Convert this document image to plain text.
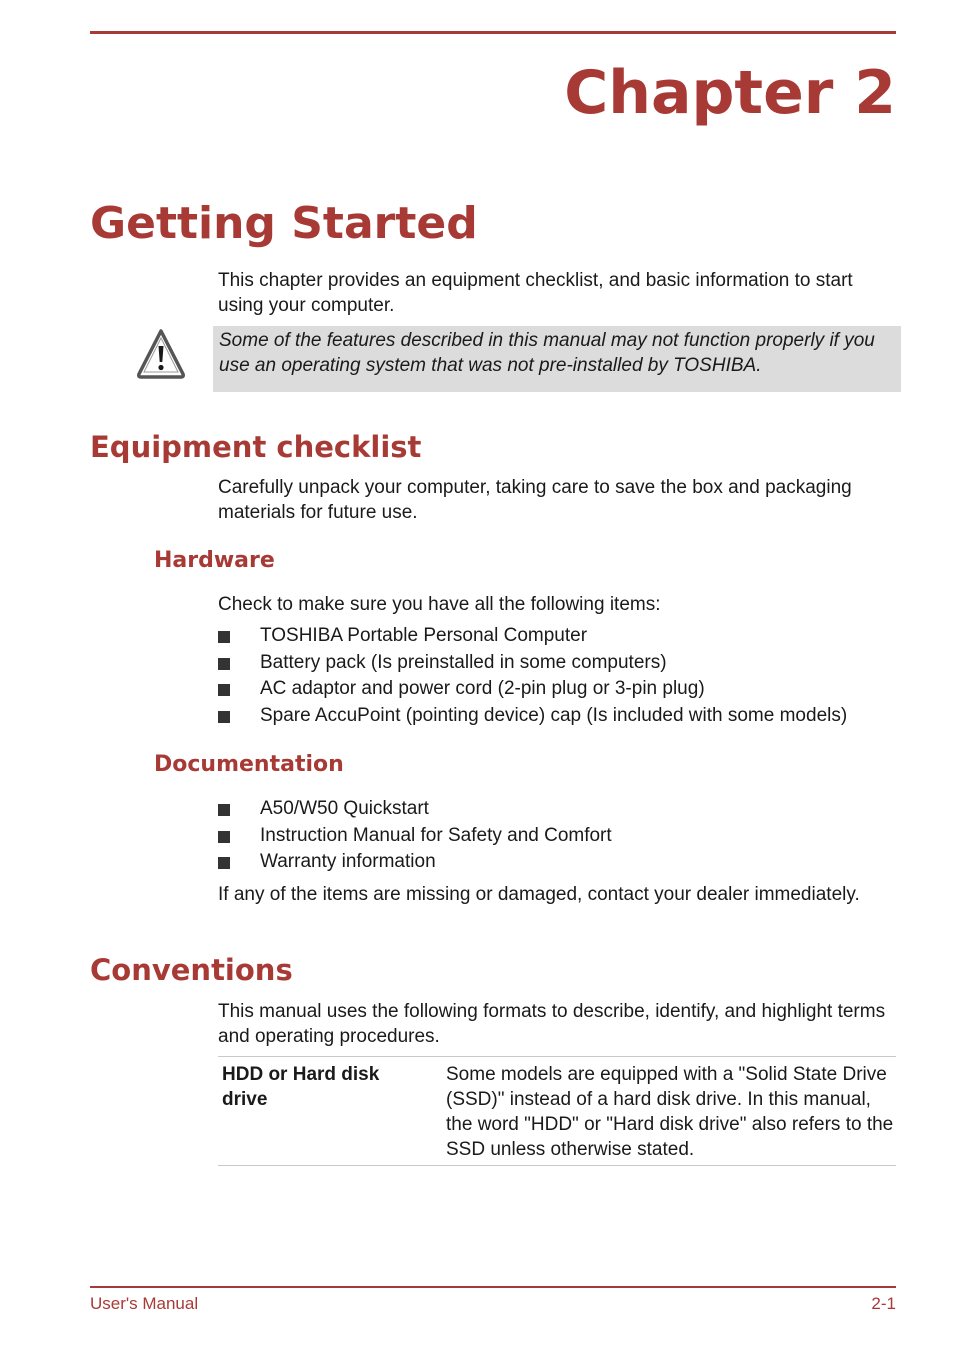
Chapter 2
Getting Started

This chapter provides an equipment checklist, and basic information to start using your computer.

Some of the features described in this manual may not function properly if you use an operating system that was not pre-installed by TOSHIBA.

Equipment checklist

Carefully unpack your computer, taking care to save the box and packaging materials for future use.

Hardware

Check to make sure you have all the following items:

TOSHIBA Portable Personal Computer
Battery pack (Is preinstalled in some computers)
AC adaptor and power cord (2-pin plug or 3-pin plug)
Spare AccuPoint (pointing device) cap (Is included with some models)
Documentation
A50/W50 Quickstart
Instruction Manual for Safety and Comfort
Warranty information

If any of the items are missing or damaged, contact your dealer immediately.

Conventions

This manual uses the following formats to describe, identify, and highlight terms and operating procedures.

HDD or Hard disk drive
Some models are equipped with a "Solid State Drive (SSD)" instead of a hard disk drive. In this manual, the word "HDD" or "Hard disk drive" also refers to the SSD unless otherwise stated.
User's Manual	2-1
